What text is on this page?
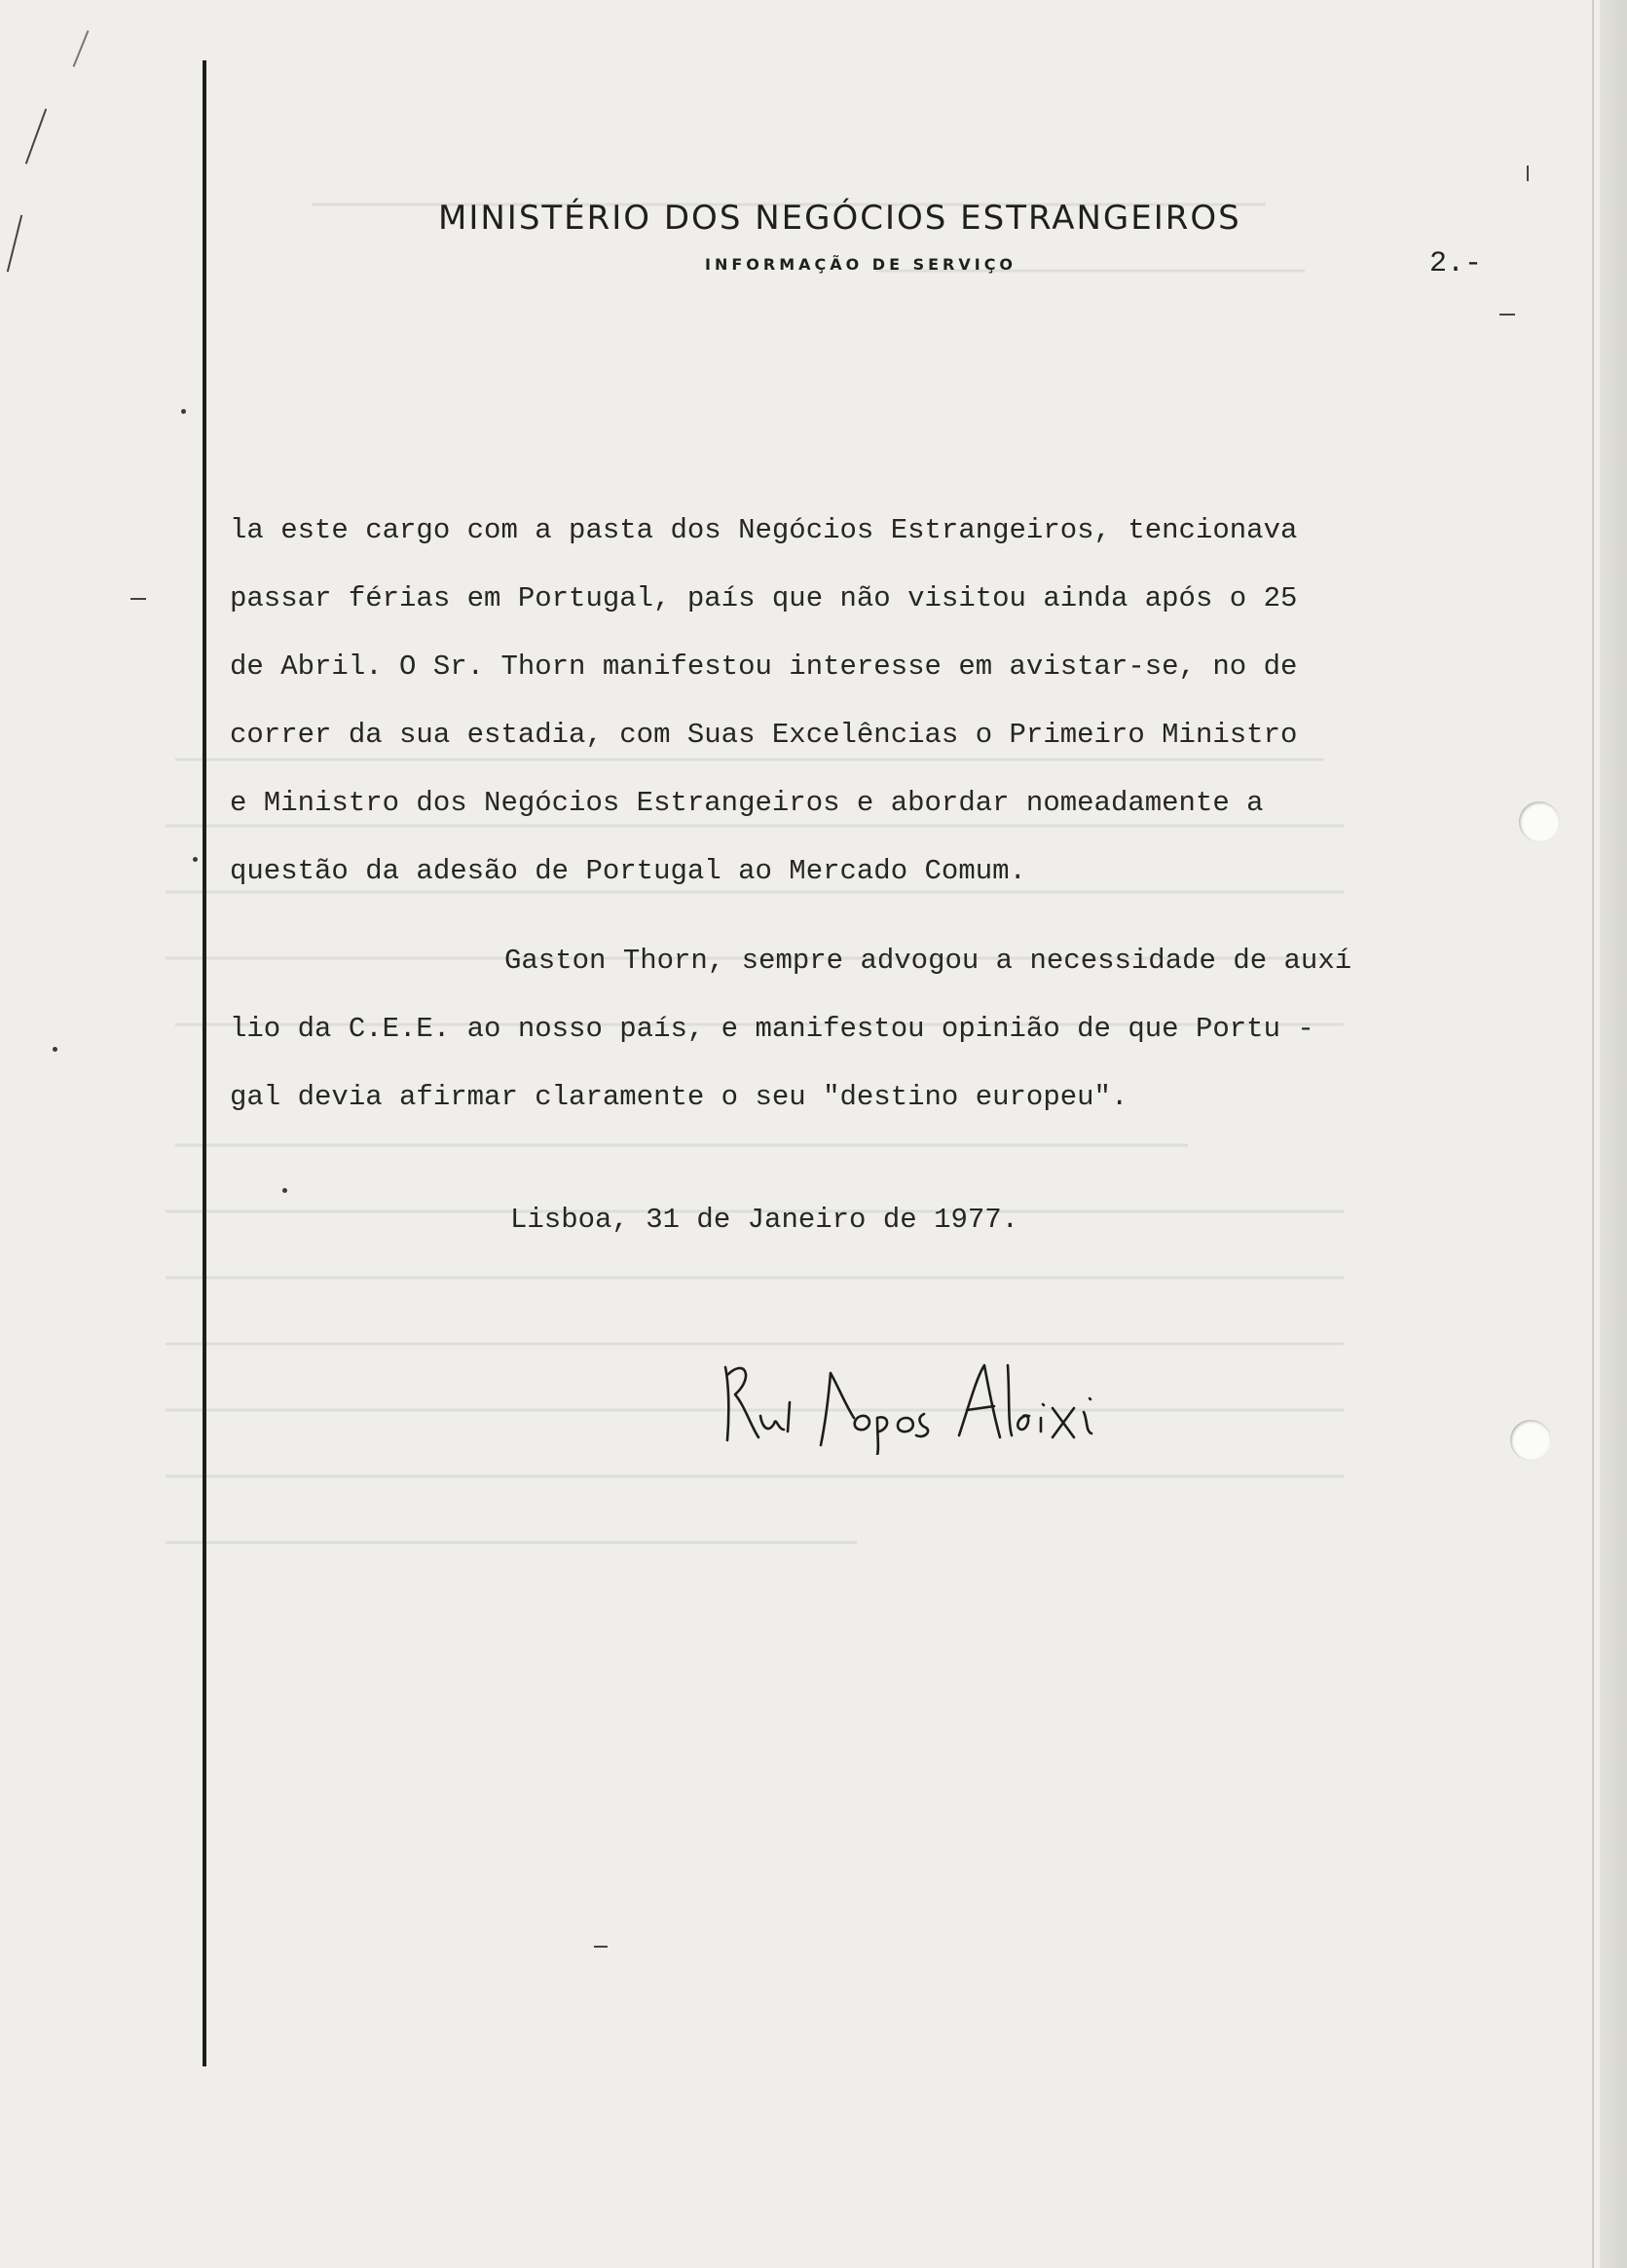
MINISTÉRIO DOS NEGÓCIOS ESTRANGEIROS
INFORMAÇÃO DE SERVIÇO	2.-
la este cargo com a pasta dos Negócios Estrangeiros, tencionava
passar férias em Portugal, país que não visitou ainda após o 25
de Abril. O Sr. Thorn manifestou interesse em avistar-se, no de
correr da sua estadia, com Suas Excelências o Primeiro Ministro
e Ministro dos Negócios Estrangeiros e abordar nomeadamente a
questão da adesão de Portugal ao Mercado Comum.
Gaston Thorn, sempre advogou a necessidade de auxí
lio da C.E.E. ao nosso país, e manifestou opinião de que Portu -
gal devia afirmar claramente o seu "destino europeu".
Lisboa, 31 de Janeiro de 1977.
